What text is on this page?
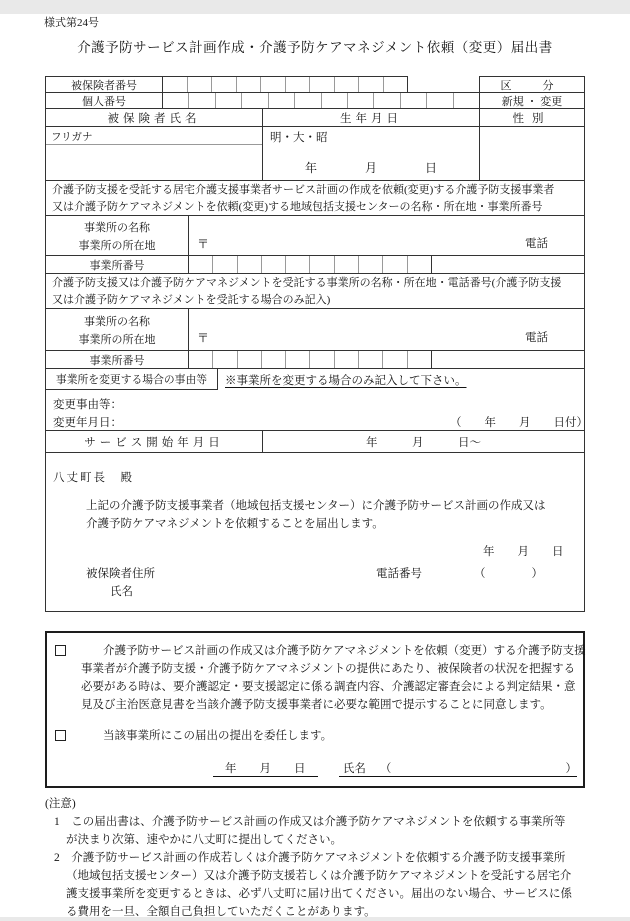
様式第24号
介護予防サービス計画作成・介護予防ケアマネジメント依頼（変更）届出書
被保険者番号	区　分
個人番号	新規 ・ 変更
被保険者氏名	生年月日	性別
フリガナ	明・大・昭
年　　　　月　　　　日
介護予防支援を受託する居宅介護支援事業者サービス計画の作成を依頼(変更)する介護予防支援事業者
又は介護予防ケアマネジメントを依頼(変更)する地域包括支援センターの名称・所在地・事業所番号
事業所の名称
事業所の所在地	〒	電話
事業所番号
介護予防支援又は介護予防ケアマネジメントを受託する事業所の名称・所在地・電話番号(介護予防支援
又は介護予防ケアマネジメントを受託する場合のみ記入)
事業所の名称
事業所の所在地	〒	電話
事業所番号
事業所を変更する場合の事由等	※事業所を変更する場合のみ記入して下さい。
変更事由等：
変更年月日：	（　　年　　月　　日付）
サービス開始年月日	年　　　月　　　日～
八丈町長　殿
上記の介護予防支援事業者（地域包括支援センター）に介護予防サービス計画の作成又は
介護予防ケアマネジメントを依頼することを届出します。
年　　月　　日
被保険者住所	電話番号	（　　　　）
氏名
介護予防サービス計画の作成又は介護予防ケアマネジメントを依頼（変更）する介護予防支援
事業者が介護予防支援・介護予防ケアマネジメントの提供にあたり、被保険者の状況を把握する
必要がある時は、要介護認定・要支援認定に係る調査内容、介護認定審査会による判定結果・意
見及び主治医意見書を当該介護予防支援事業者に必要な範囲で提示することに同意します。
当該事業所にこの届出の提出を委任します。
年　　月　　日	氏名	（	）
(注意)
1　この届出書は、介護予防サービス計画の作成又は介護予防ケアマネジメントを依頼する事業所等
が決まり次第、速やかに八丈町に提出してください。
2　介護予防サービス計画の作成若しくは介護予防ケアマネジメントを依頼する介護予防支援事業所
（地域包括支援センター）又は介護予防支援若しくは介護予防ケアマネジメントを受託する居宅介
護支援事業所を変更するときは、必ず八丈町に届け出てください。届出のない場合、サービスに係
る費用を一旦、全額自己負担していただくことがあります。
